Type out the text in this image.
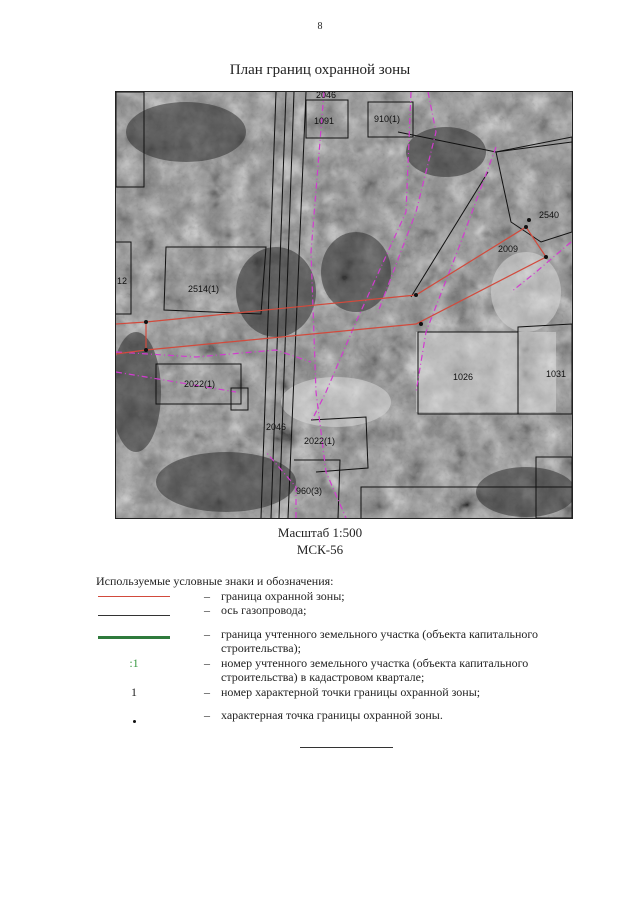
8
План границ охранной зоны
1091	910(1)
2540
2009
2514(1)
12
2022(1)
2046
2022(1)
1026	1031
960(3)
2046
Масштаб 1:500
МСК-56
Используемые условные знаки и обозначения:
– граница охранной зоны;
– ось газопровода;
– граница учтенного земельного участка (объекта капитального строительства);
:1	– номер учтенного земельного участка (объекта капитального строительства) в кадастровом квартале;
1	– номер характерной точки границы охранной зоны;
– характерная точка границы охранной зоны.
